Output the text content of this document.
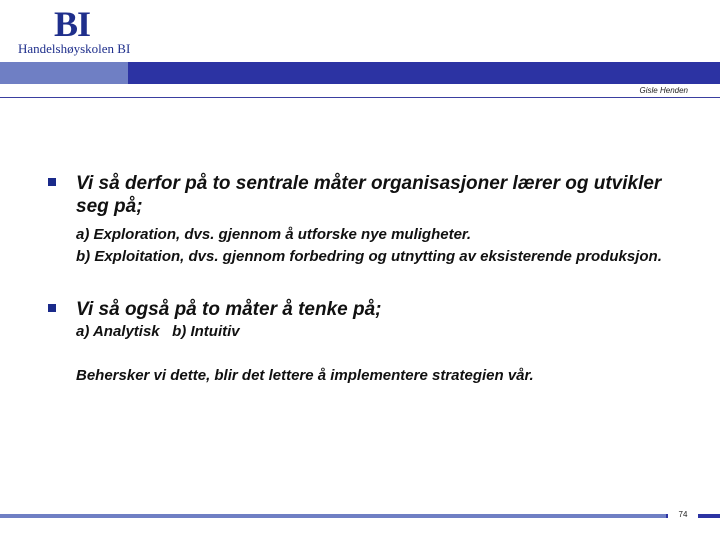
BI
Handelshøyskolen BI
Gisle Henden
Vi så derfor på to sentrale måter organisasjoner lærer og utvikler seg på;
a) Exploration, dvs. gjennom å utforske nye muligheter.
b) Exploitation, dvs. gjennom forbedring og utnytting av eksisterende produksjon.
Vi så også på to måter å tenke på;
a) Analytisk   b) Intuitiv
Behersker vi dette, blir det lettere å implementere strategien vår.
74
